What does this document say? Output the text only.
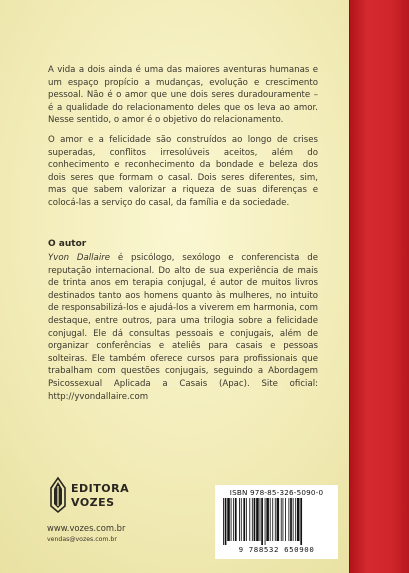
A vida a dois ainda é uma das maiores aventuras humanas e um espaço propício a mudanças, evolução e crescimento pessoal. Não é o amor que une dois seres duradouramente – é a qualidade do relacionamento deles que os leva ao amor. Nesse sentido, o amor é o objetivo do relacionamento.

O amor e a felicidade são construídos ao longo de crises superadas, conflitos irresolúveis aceitos, além do conhecimento e reconhecimento da bondade e beleza dos dois seres que formam o casal. Dois seres diferentes, sim, mas que sabem valorizar a riqueza de suas diferenças e colocá-las a serviço do casal, da família e da sociedade.

O autor

Yvon Dallaire é psicólogo, sexólogo e conferencista de reputação internacional. Do alto de sua experiência de mais de trinta anos em terapia conjugal, é autor de muitos livros destinados tanto aos homens quanto às mulheres, no intuito de responsabilizá-los e ajudá-los a viverem em harmonia, com destaque, entre outros, para uma trilogia sobre a felicidade conjugal. Ele dá consultas pessoais e conjugais, além de organizar conferências e ateliês para casais e pessoas solteiras. Ele também oferece cursos para profissionais que trabalham com questões conjugais, seguindo a Abordagem Psicossexual Aplicada a Casais (Apac). Site oficial: http://yvondallaire.com

EDITORA
VOZES
www.vozes.com.br
vendas@vozes.com.br
ISBN 978-85-326-5090-0
9 788532 650900
